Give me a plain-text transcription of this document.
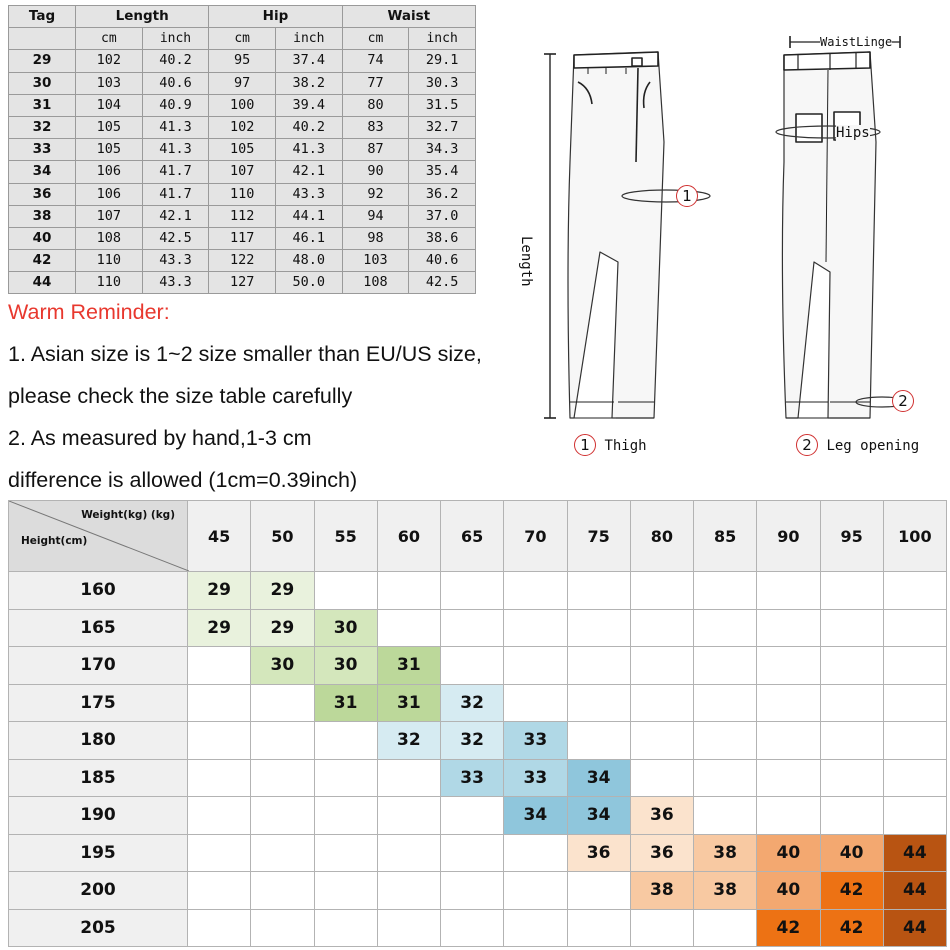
Tag	Length		Hip		Waist	
	cm	inch	cm	inch	cm	inch
29	102	40.2	95	37.4	74	29.1
30	103	40.6	97	38.2	77	30.3
31	104	40.9	100	39.4	80	31.5
32	105	41.3	102	40.2	83	32.7
33	105	41.3	105	41.3	87	34.3
34	106	41.7	107	42.1	90	35.4
36	106	41.7	110	43.3	92	36.2
38	107	42.1	112	44.1	94	37.0
40	108	42.5	117	46.1	98	38.6
42	110	43.3	122	48.0	103	40.6
44	110	43.3	127	50.0	108	42.5
Warm Reminder:
1. Asian size is 1~2 size smaller than EU/US size,
please check the size table carefully
2. As measured by hand,1-3 cm
difference is allowed (1cm=0.39inch)
WaistLinge
Hips
Length
1
2
1 Thigh	2 Leg opening
Weight(kg) (kg)
Height(cm)	45	50	55	60	65	70	75	80	85	90	95	100
160	29	29										
165	29	29	30									
170		30	30	31								
175			31	31	32							
180				32	32	33						
185					33	33	34					
190						34	34	36				
195							36	36	38	40	40	44
200								38	38	40	42	44
205										42	42	44
